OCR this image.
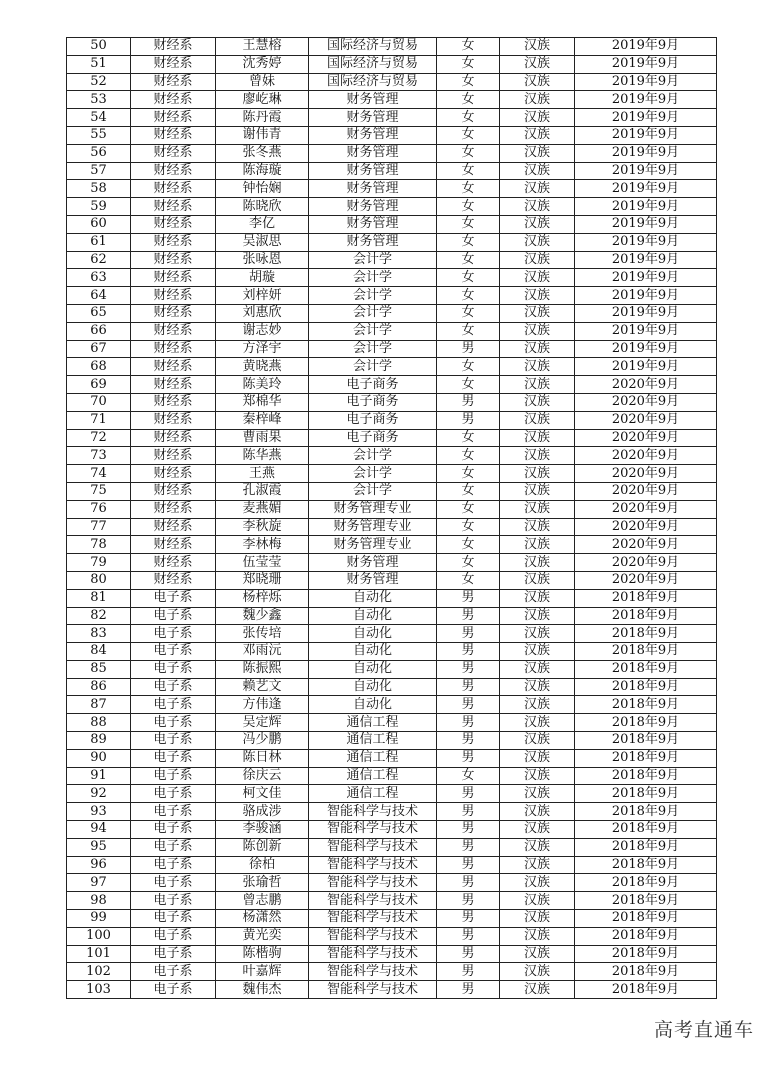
50	财经系	王慧榕	国际经济与贸易	女	汉族	2019年9月
51	财经系	沈秀婷	国际经济与贸易	女	汉族	2019年9月
52	财经系	曾妹	国际经济与贸易	女	汉族	2019年9月
53	财经系	廖屹琳	财务管理	女	汉族	2019年9月
54	财经系	陈丹霞	财务管理	女	汉族	2019年9月
55	财经系	谢伟青	财务管理	女	汉族	2019年9月
56	财经系	张冬燕	财务管理	女	汉族	2019年9月
57	财经系	陈海璇	财务管理	女	汉族	2019年9月
58	财经系	钟怡娴	财务管理	女	汉族	2019年9月
59	财经系	陈晓欣	财务管理	女	汉族	2019年9月
60	财经系	李亿	财务管理	女	汉族	2019年9月
61	财经系	吴淑思	财务管理	女	汉族	2019年9月
62	财经系	张咏恩	会计学	女	汉族	2019年9月
63	财经系	胡璇	会计学	女	汉族	2019年9月
64	财经系	刘梓妍	会计学	女	汉族	2019年9月
65	财经系	刘惠欣	会计学	女	汉族	2019年9月
66	财经系	谢志妙	会计学	女	汉族	2019年9月
67	财经系	方泽宇	会计学	男	汉族	2019年9月
68	财经系	黄晓燕	会计学	女	汉族	2019年9月
69	财经系	陈美玲	电子商务	女	汉族	2020年9月
70	财经系	郑棉华	电子商务	男	汉族	2020年9月
71	财经系	秦梓峰	电子商务	男	汉族	2020年9月
72	财经系	曹雨果	电子商务	女	汉族	2020年9月
73	财经系	陈华燕	会计学	女	汉族	2020年9月
74	财经系	王燕	会计学	女	汉族	2020年9月
75	财经系	孔淑霞	会计学	女	汉族	2020年9月
76	财经系	麦燕媚	财务管理专业	女	汉族	2020年9月
77	财经系	李秋旋	财务管理专业	女	汉族	2020年9月
78	财经系	李林梅	财务管理专业	女	汉族	2020年9月
79	财经系	伍莹莹	财务管理	女	汉族	2020年9月
80	财经系	郑晓珊	财务管理	女	汉族	2020年9月
81	电子系	杨梓烁	自动化	男	汉族	2018年9月
82	电子系	魏少鑫	自动化	男	汉族	2018年9月
83	电子系	张传培	自动化	男	汉族	2018年9月
84	电子系	邓雨沅	自动化	男	汉族	2018年9月
85	电子系	陈振熙	自动化	男	汉族	2018年9月
86	电子系	赖艺文	自动化	男	汉族	2018年9月
87	电子系	方伟逢	自动化	男	汉族	2018年9月
88	电子系	吴定辉	通信工程	男	汉族	2018年9月
89	电子系	冯少鹏	通信工程	男	汉族	2018年9月
90	电子系	陈日林	通信工程	男	汉族	2018年9月
91	电子系	徐庆云	通信工程	女	汉族	2018年9月
92	电子系	柯文佳	通信工程	男	汉族	2018年9月
93	电子系	骆成涉	智能科学与技术	男	汉族	2018年9月
94	电子系	李骏涵	智能科学与技术	男	汉族	2018年9月
95	电子系	陈创新	智能科学与技术	男	汉族	2018年9月
96	电子系	徐柏	智能科学与技术	男	汉族	2018年9月
97	电子系	张瑜哲	智能科学与技术	男	汉族	2018年9月
98	电子系	曾志鹏	智能科学与技术	男	汉族	2018年9月
99	电子系	杨潇然	智能科学与技术	男	汉族	2018年9月
100	电子系	黄光奕	智能科学与技术	男	汉族	2018年9月
101	电子系	陈楷驹	智能科学与技术	男	汉族	2018年9月
102	电子系	叶嘉辉	智能科学与技术	男	汉族	2018年9月
103	电子系	魏伟杰	智能科学与技术	男	汉族	2018年9月
高考直通车
